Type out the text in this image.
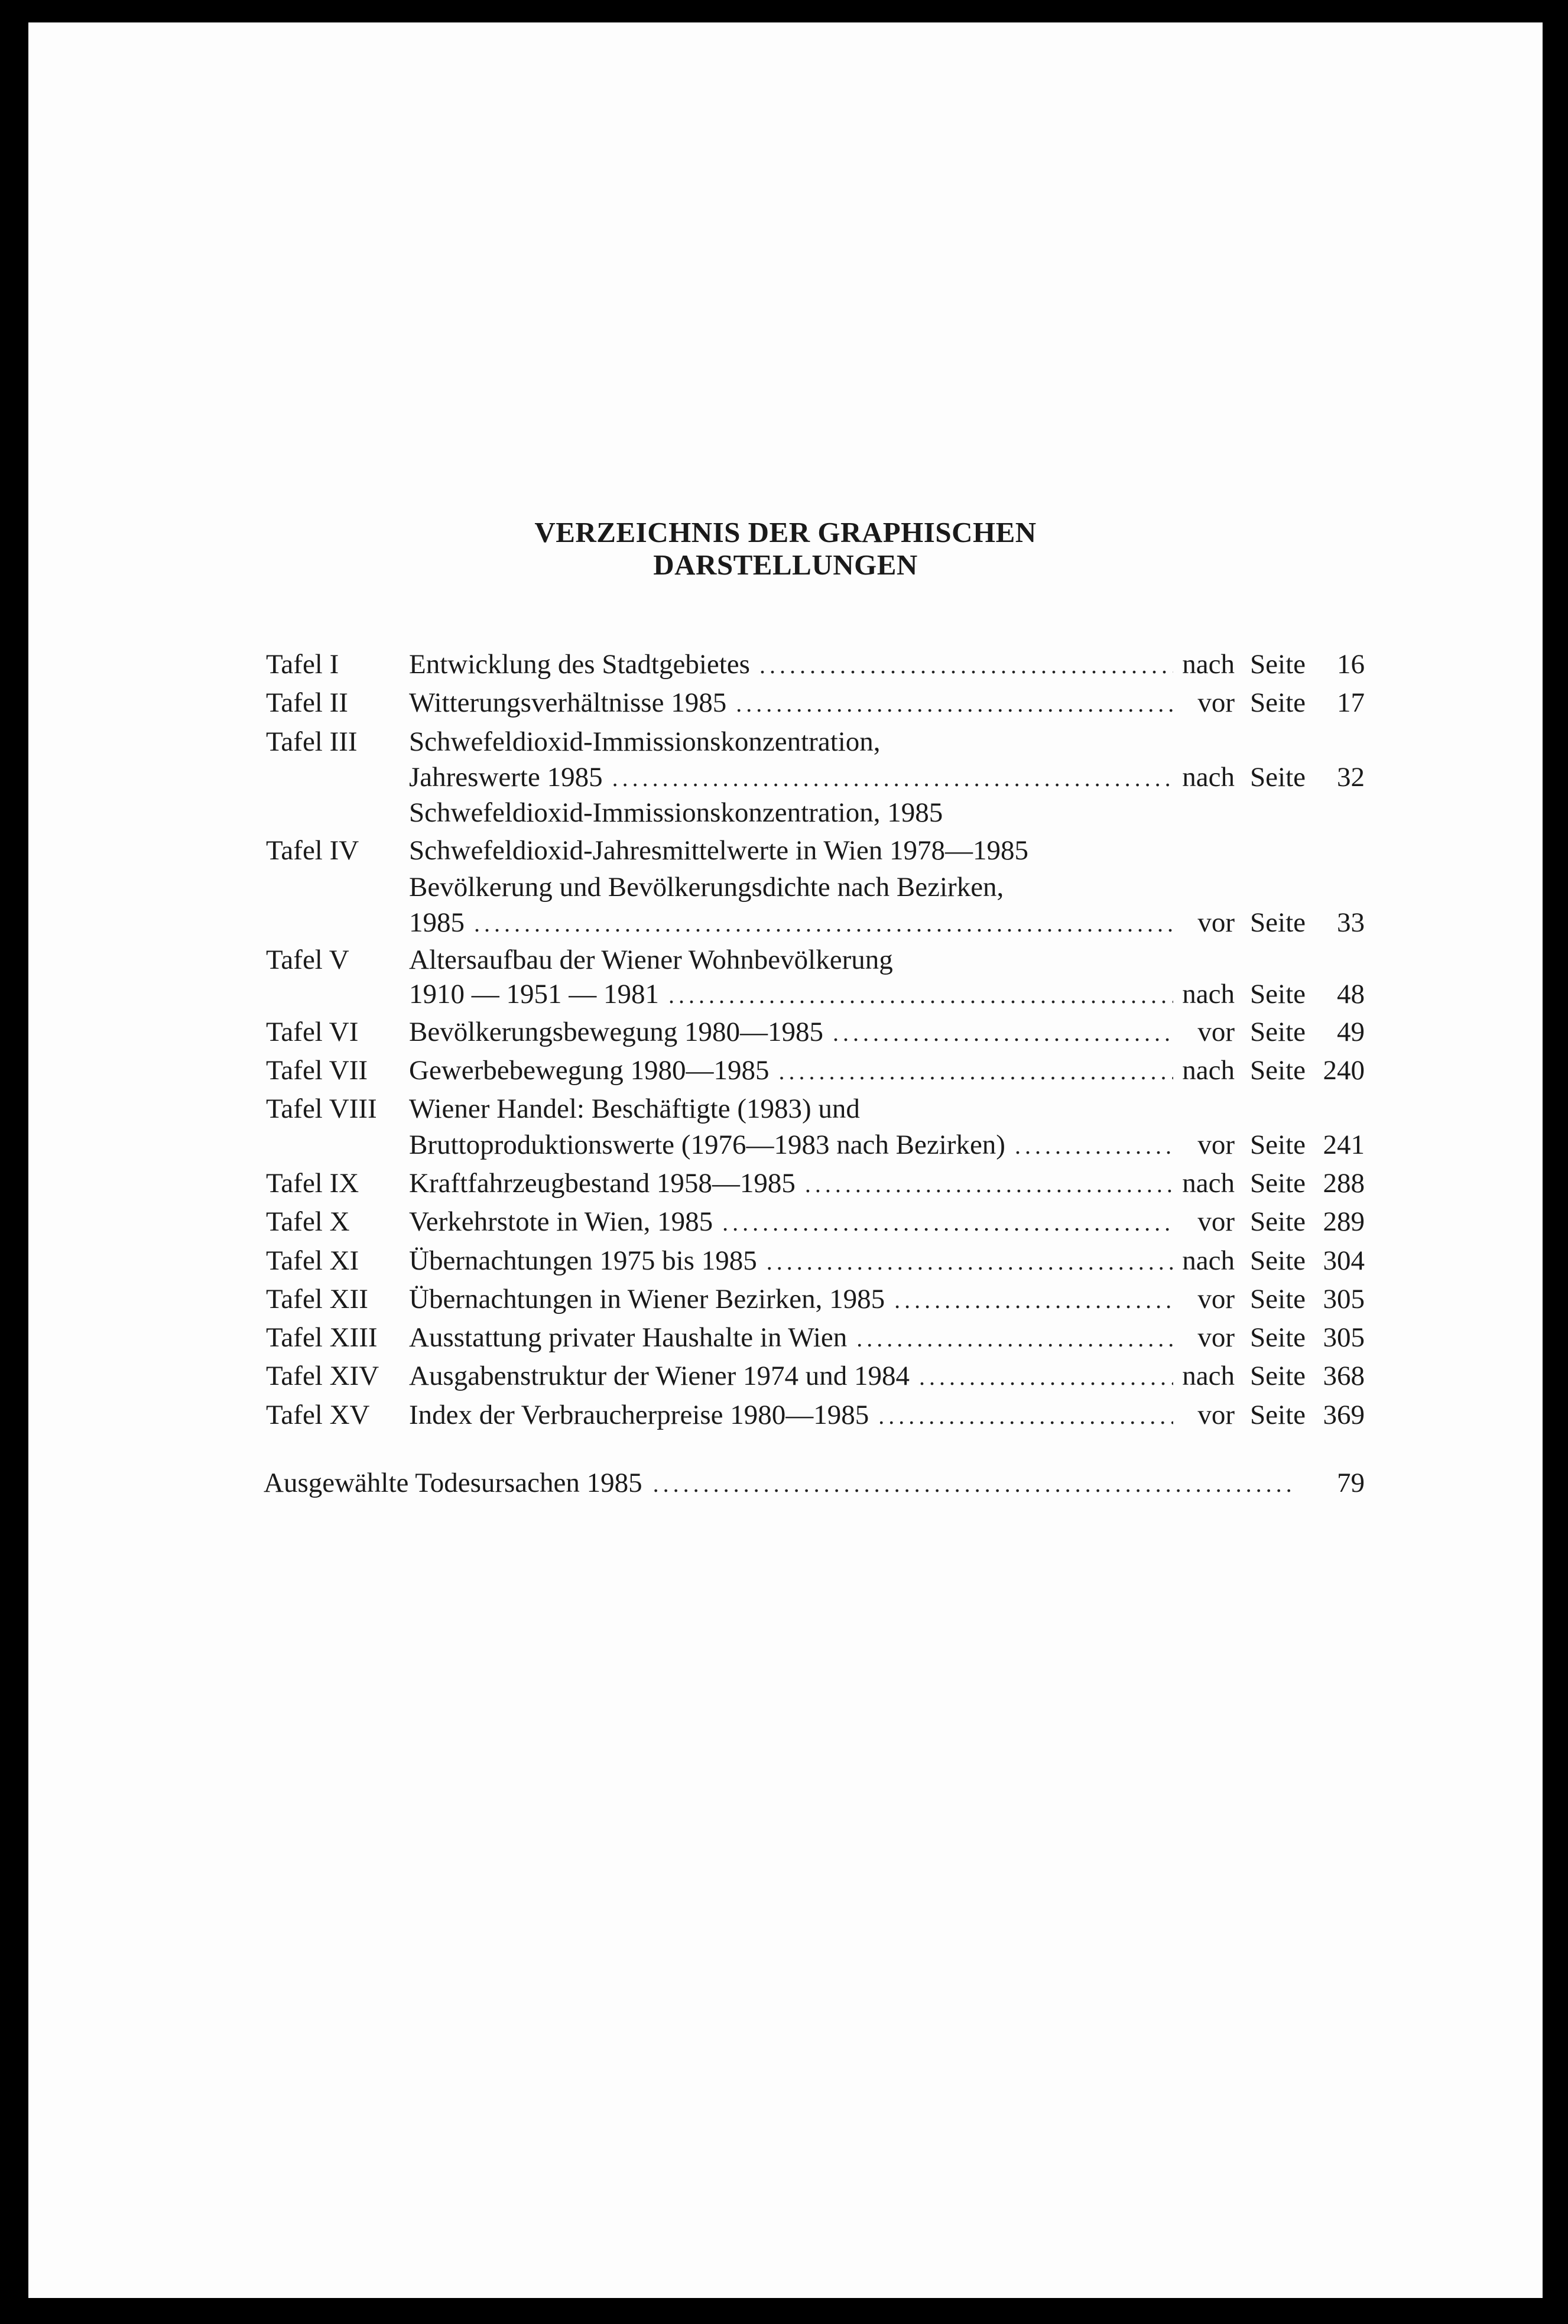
VERZEICHNIS DER GRAPHISCHEN
DARSTELLUNGEN
Tafel I	Entwicklung des Stadtgebietes .....	nach Seite	16
Tafel II Witterungsverhältnisse 1985 .....	vor Seite	17
Tafel III Schwefeldioxid-Immissionskonzentration,
Jahreswerte 1985 .....	nach Seite	32
Schwefeldioxid-Immissionskonzentration, 1985
Tafel IV Schwefeldioxid-Jahresmittelwerte in Wien 1978—1985
Bevölkerung und Bevölkerungsdichte nach Bezirken,
1985 .....	vor Seite	33
Tafel V Altersaufbau der Wiener Wohnbevölkerung
1910 — 1951 — 1981 .....	nach Seite	48
Tafel VI Bevölkerungsbewegung 1980—1985 .....	vor Seite	49
Tafel VII Gewerbebewegung 1980—1985 .....	nach Seite 240
Tafel VIII Wiener Handel: Beschäftigte (1983) und
Bruttoproduktionswerte (1976—1983 nach Bezirken) .....	vor Seite 241
Tafel IX Kraftfahrzeugbestand 1958—1985 .....	nach Seite 288
Tafel X Verkehrstote in Wien, 1985 .....	vor Seite 289
Tafel XI Übernachtungen 1975 bis 1985 .....	nach Seite 304
Tafel XII Übernachtungen in Wiener Bezirken, 1985 .....	vor Seite 305
Tafel XIII Ausstattung privater Haushalte in Wien .....	vor Seite 305
Tafel XIV Ausgabenstruktur der Wiener 1974 und 1984 .....	nach Seite 368
Tafel XV Index der Verbraucherpreise 1980—1985 .....	vor Seite 369
Ausgewählte Todesursachen 1985 .....	79
